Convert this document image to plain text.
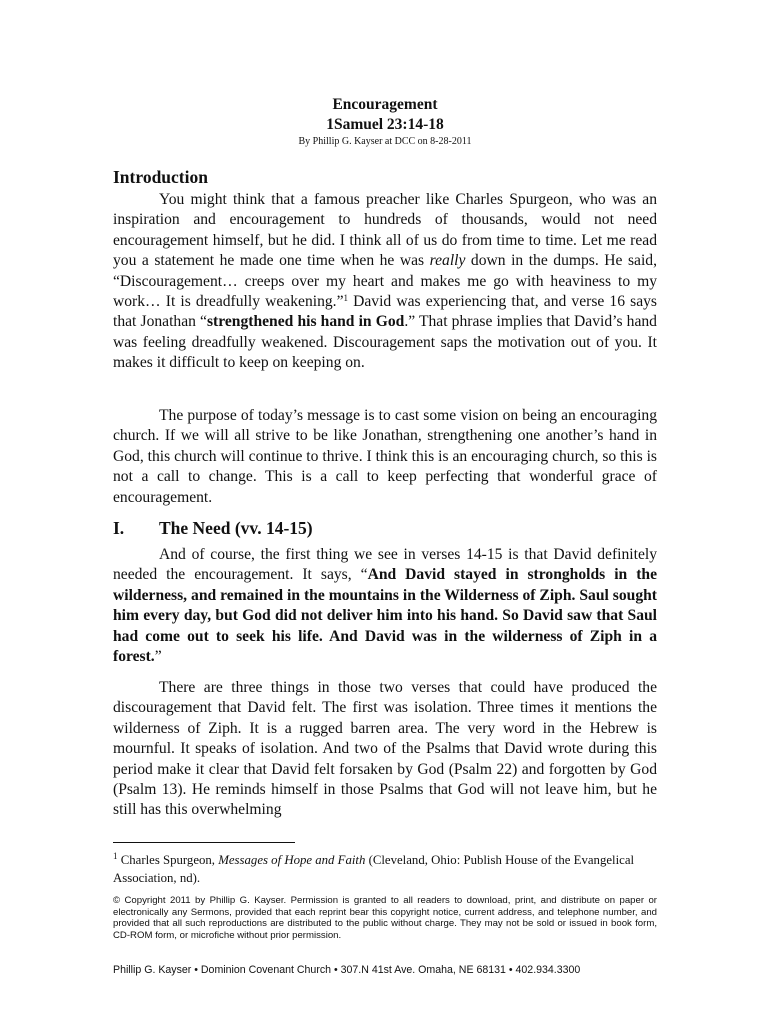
Encouragement
1Samuel 23:14-18
By Phillip G. Kayser at DCC on 8-28-2011
Introduction

You might think that a famous preacher like Charles Spurgeon, who was an inspiration and encouragement to hundreds of thousands, would not need encouragement himself, but he did. I think all of us do from time to time. Let me read you a statement he made one time when he was really down in the dumps. He said, “Discouragement… creeps over my heart and makes me go with heaviness to my work… It is dreadfully weakening.”$^1$ David was experiencing that, and verse 16 says that Jonathan “strengthened his hand in God.” That phrase implies that David’s hand was feeling dreadfully weakened. Discouragement saps the motivation out of you. It makes it difficult to keep on keeping on.

The purpose of today’s message is to cast some vision on being an encouraging church. If we will all strive to be like Jonathan, strengthening one another’s hand in God, this church will continue to thrive. I think this is an encouraging church, so this is not a call to change. This is a call to keep perfecting that wonderful grace of encouragement.

I. The Need (vv. 14-15)

And of course, the first thing we see in verses 14-15 is that David definitely needed the encouragement. It says, “And David stayed in strongholds in the wilderness, and remained in the mountains in the Wilderness of Ziph. Saul sought him every day, but God did not deliver him into his hand. So David saw that Saul had come out to seek his life. And David was in the wilderness of Ziph in a forest.”

There are three things in those two verses that could have produced the discouragement that David felt. The first was isolation. Three times it mentions the wilderness of Ziph. It is a rugged barren area. The very word in the Hebrew is mournful. It speaks of isolation. And two of the Psalms that David wrote during this period make it clear that David felt forsaken by God (Psalm 22) and forgotten by God (Psalm 13). He reminds himself in those Psalms that God will not leave him, but he still has this overwhelming

$^1$ Charles Spurgeon, Messages of Hope and Faith (Cleveland, Ohio: Publish House of the Evangelical Association, nd).

© Copyright 2011 by Phillip G. Kayser. Permission is granted to all readers to download, print, and distribute on paper or electronically any Sermons, provided that each reprint bear this copyright notice, current address, and telephone number, and provided that all such reproductions are distributed to the public without charge. They may not be sold or issued in book form, CD-ROM form, or microfiche without prior permission.

Phillip G. Kayser • Dominion Covenant Church • 307.N 41st Ave. Omaha, NE 68131 • 402.934.3300
